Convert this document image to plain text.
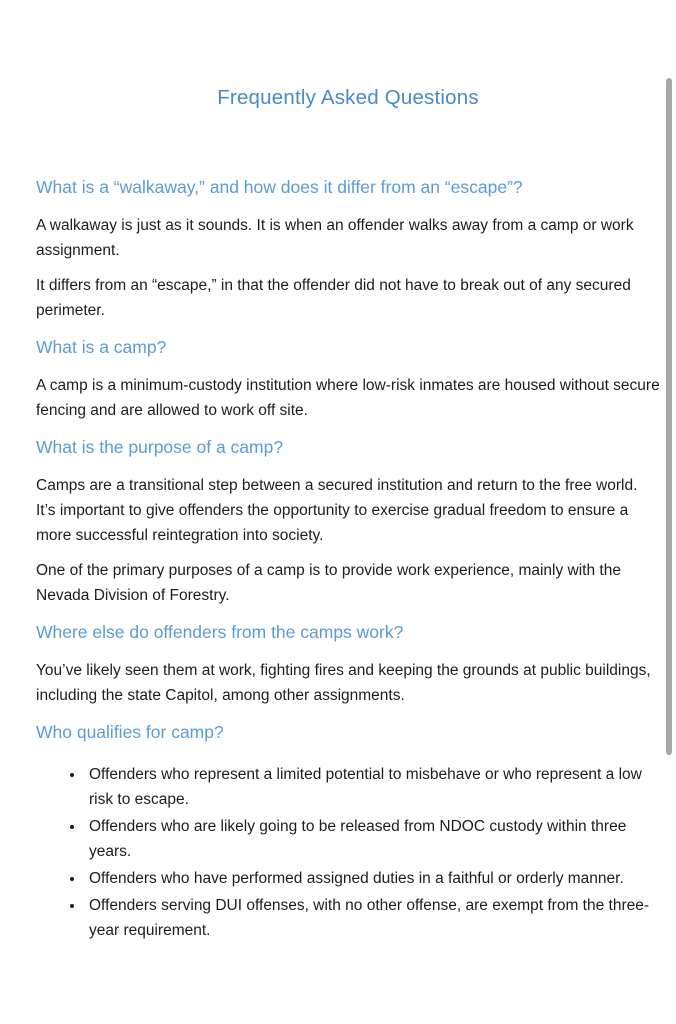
Frequently Asked Questions
What is a “walkaway,” and how does it differ from an “escape”?

A walkaway is just as it sounds. It is when an offender walks away from a camp or work assignment.

It differs from an “escape,” in that the offender did not have to break out of any secured perimeter.

What is a camp?

A camp is a minimum-custody institution where low-risk inmates are housed without secure fencing and are allowed to work off site.

What is the purpose of a camp?

Camps are a transitional step between a secured institution and return to the free world. It’s important to give offenders the opportunity to exercise gradual freedom to ensure a more successful reintegration into society.

One of the primary purposes of a camp is to provide work experience, mainly with the Nevada Division of Forestry.

Where else do offenders from the camps work?

You’ve likely seen them at work, fighting fires and keeping the grounds at public buildings, including the state Capitol, among other assignments.

Who qualifies for camp?
• Offenders who represent a limited potential to misbehave or who represent a low risk to escape.
• Offenders who are likely going to be released from NDOC custody within three years.
• Offenders who have performed assigned duties in a faithful or orderly manner.
• Offenders serving DUI offenses, with no other offense, are exempt from the three-year requirement.
